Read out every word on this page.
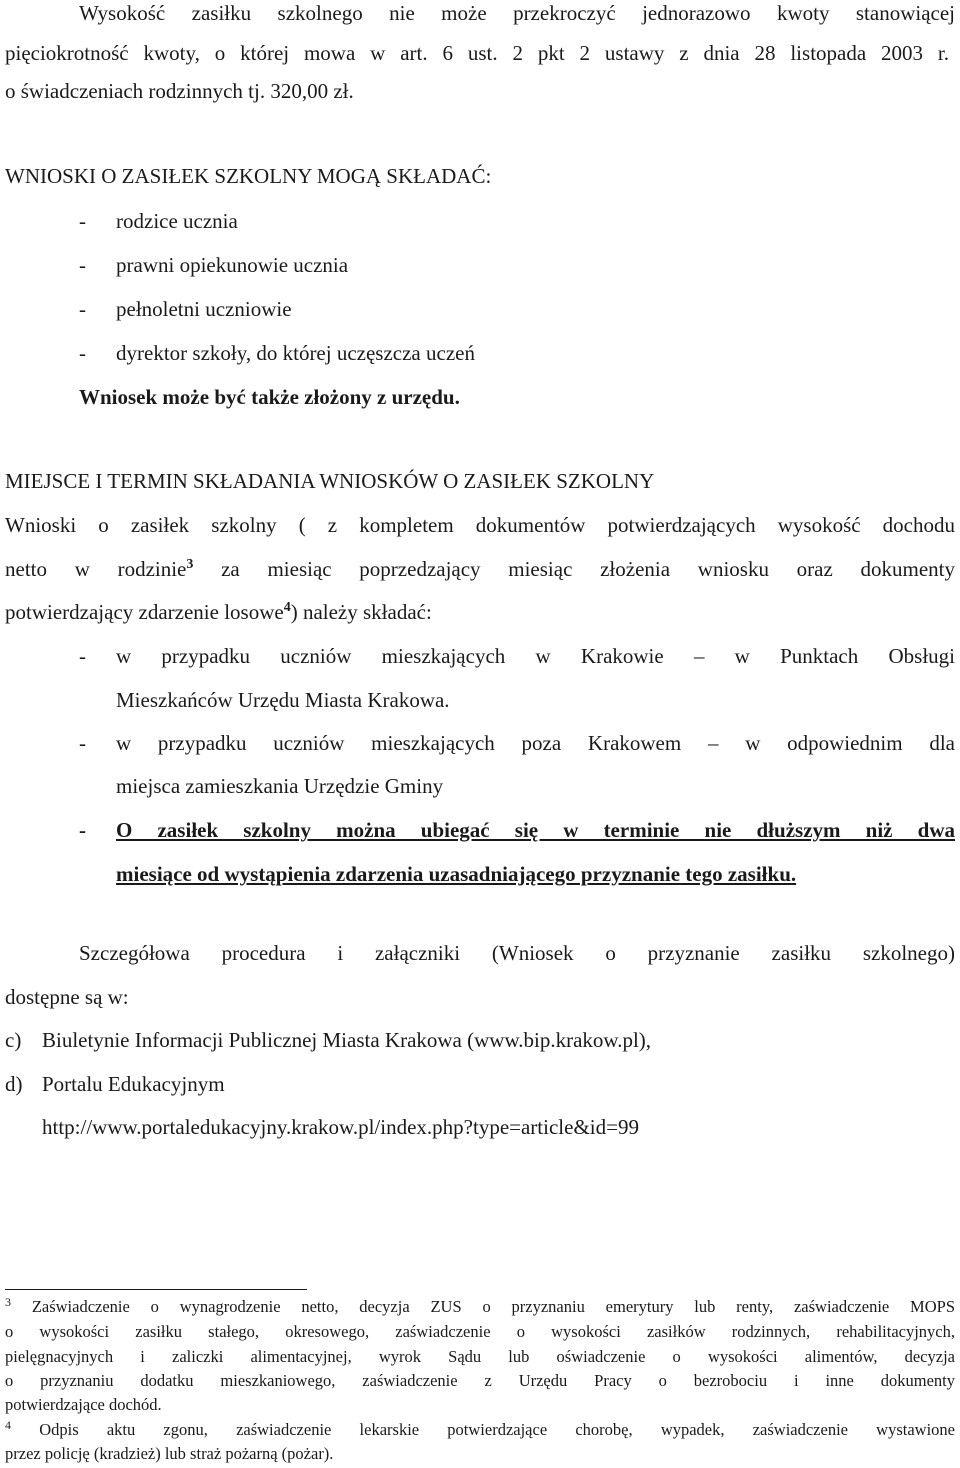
Wysokość zasiłku szkolnego nie może przekroczyć jednorazowo kwoty stanowiącej
pięciokrotność kwoty, o której mowa w art. 6 ust. 2 pkt 2 ustawy z dnia 28 listopada 2003 r.
o świadczeniach rodzinnych tj. 320,00 zł.
WNIOSKI O ZASIŁEK SZKOLNY MOGĄ SKŁADAĆ:
- rodzice ucznia
- prawni opiekunowie ucznia
- pełnoletni uczniowie
- dyrektor szkoły, do której uczęszcza uczeń
Wniosek może być także złożony z urzędu.
MIEJSCE I TERMIN SKŁADANIA WNIOSKÓW O ZASIŁEK SZKOLNY
Wnioski o zasiłek szkolny ( z kompletem dokumentów potwierdzających wysokość dochodu
netto w rodzinie$^3$ za miesiąc poprzedzający miesiąc złożenia wniosku oraz dokumenty
potwierdzający zdarzenie losowe$^4$) należy składać:
- w przypadku uczniów mieszkających w Krakowie – w Punktach Obsługi
Mieszkańców Urzędu Miasta Krakowa.
- w przypadku uczniów mieszkających poza Krakowem – w odpowiednim dla
miejsca zamieszkania Urzędzie Gminy
- O zasiłek szkolny można ubiegać się w terminie nie dłuższym niż dwa
miesiące od wystąpienia zdarzenia uzasadniającego przyznanie tego zasiłku.
Szczegółowa procedura i załączniki (Wniosek o przyznanie zasiłku szkolnego)
dostępne są w:
c) Biuletynie Informacji Publicznej Miasta Krakowa (www.bip.krakow.pl),
d) Portalu Edukacyjnym
http://www.portaledukacyjny.krakow.pl/index.php?type=article&id=99
$^3$ Zaświadczenie o wynagrodzenie netto, decyzja ZUS o przyznaniu emerytury lub renty, zaświadczenie MOPS
o wysokości zasiłku stałego, okresowego, zaświadczenie o wysokości zasiłków rodzinnych, rehabilitacyjnych,
pielęgnacyjnych i zaliczki alimentacyjnej, wyrok Sądu lub oświadczenie o wysokości alimentów, decyzja
o przyznaniu dodatku mieszkaniowego, zaświadczenie z Urzędu Pracy o bezrobociu i inne dokumenty
potwierdzające dochód.
$^4$ Odpis aktu zgonu, zaświadczenie lekarskie potwierdzające chorobę, wypadek, zaświadczenie wystawione
przez policję (kradzież) lub straż pożarną (pożar).
